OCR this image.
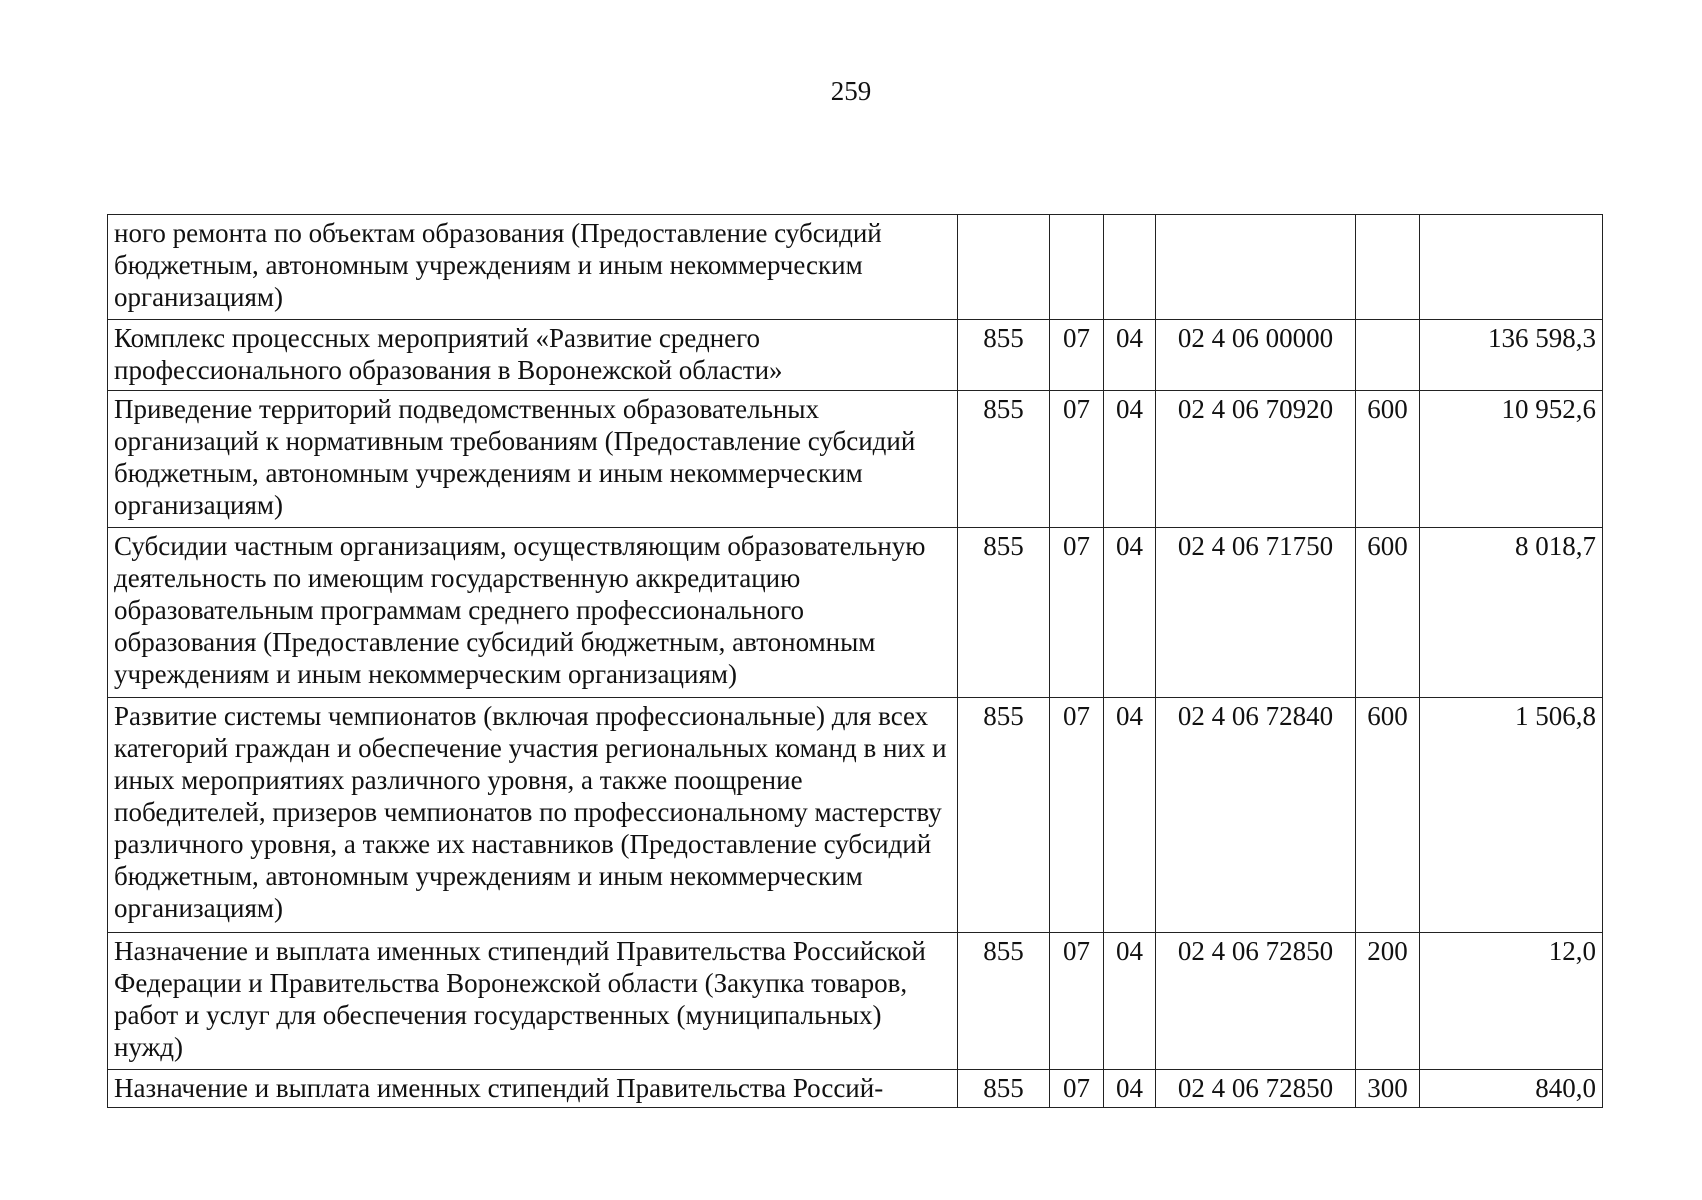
259
ного ремонта по объектам образования (Предоставление субсидий бюджетным, автономным учреждениям и иным некоммерческим организациям)						
Комплекс процессных мероприятий «Развитие среднего профессионального образования в Воронежской области»	855	07	04	02 4 06 00000		136 598,3
Приведение территорий подведомственных образовательных организаций к нормативным требованиям (Предоставление субсидий бюджетным, автономным учреждениям и иным некоммерческим организациям)	855	07	04	02 4 06 70920	600	10 952,6
Субсидии частным организациям, осуществляющим образовательную деятельность по имеющим государственную аккредитацию образовательным программам среднего профессионального образования (Предоставление субсидий бюджетным, автономным учреждениям и иным некоммерческим организациям)	855	07	04	02 4 06 71750	600	8 018,7
Развитие системы чемпионатов (включая профессиональные) для всех категорий граждан и обеспечение участия региональных команд в них и иных мероприятиях различного уровня, а также поощрение победителей, призеров чемпионатов по профессиональному мастерству различного уровня, а также их наставников (Предоставление субсидий бюджетным, автономным учреждениям и иным некоммерческим организациям)	855	07	04	02 4 06 72840	600	1 506,8
Назначение и выплата именных стипендий Правительства Российской Федерации и Правительства Воронежской области (Закупка товаров, работ и услуг для обеспечения государственных (муниципальных) нужд)	855	07	04	02 4 06 72850	200	12,0
Назначение и выплата именных стипендий Правительства Россий-	855	07	04	02 4 06 72850	300	840,0
